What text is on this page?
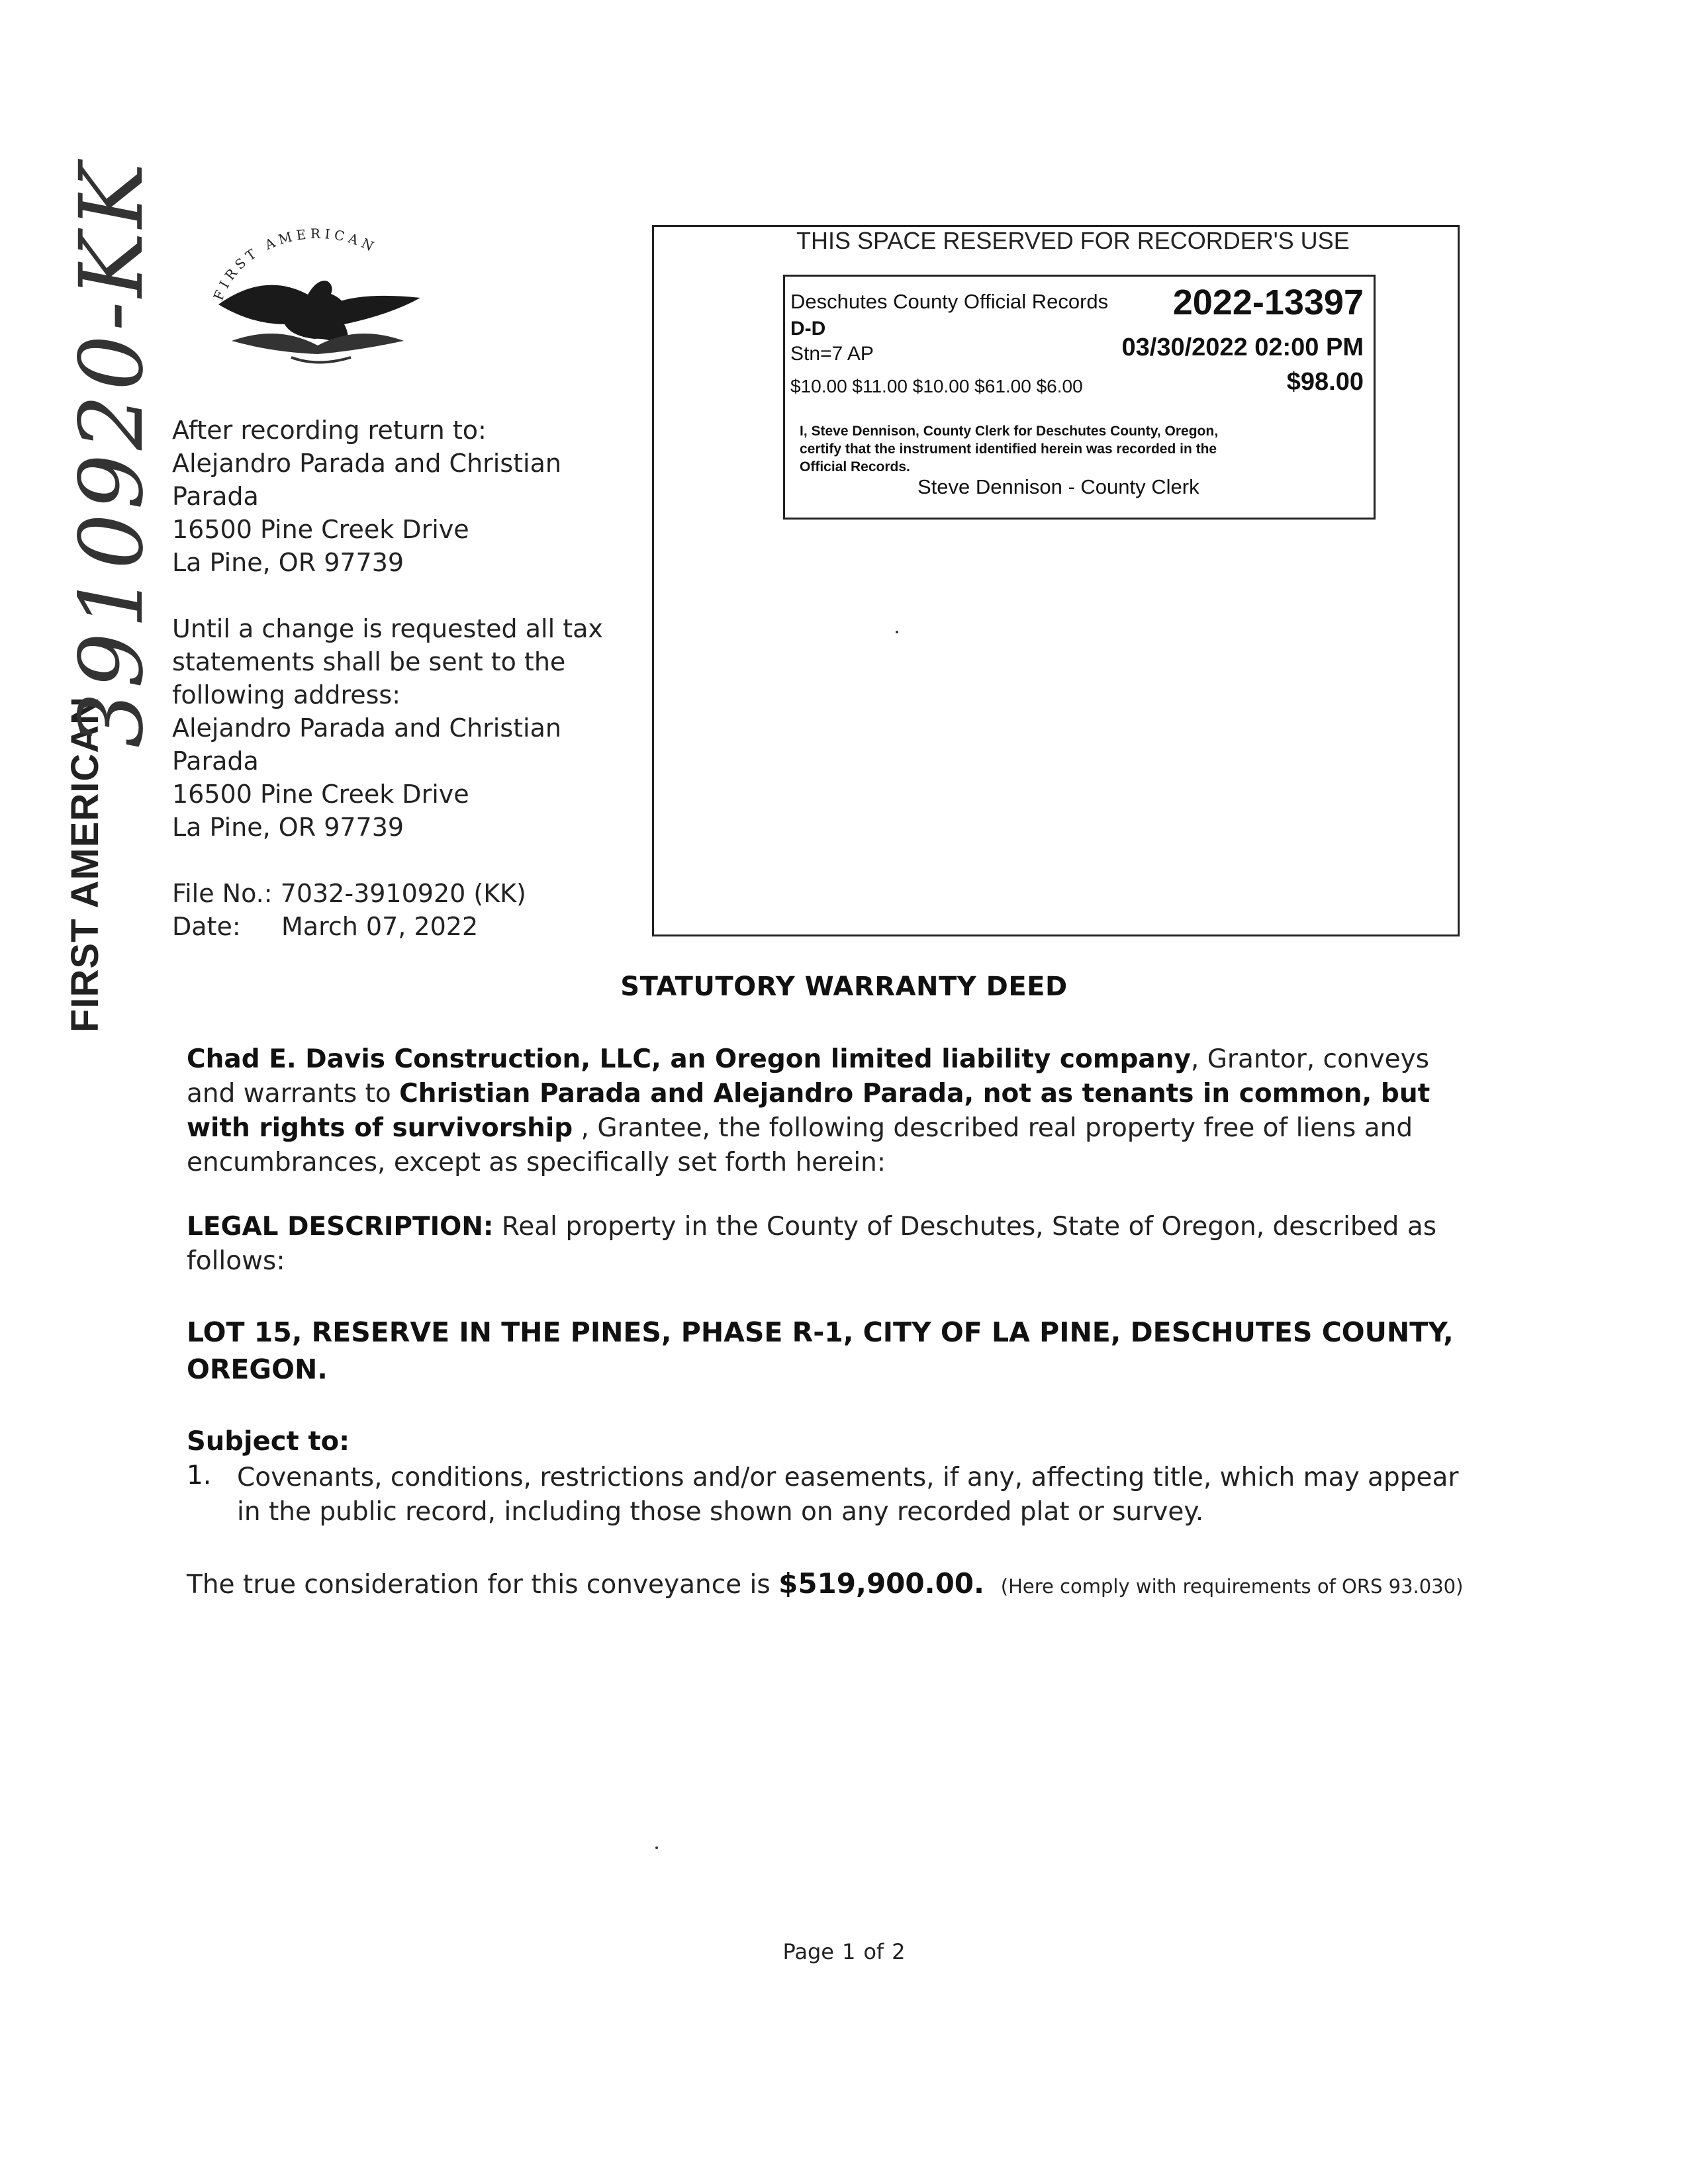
FIRST AMERICAN
3910920-KK	FIRST AMERICAN
After recording return to:
Alejandro Parada and Christian
Parada
16500 Pine Creek Drive
La Pine, OR 97739
Until a change is requested all tax
statements shall be sent to the
following address:
Alejandro Parada and Christian Parada
16500 Pine Creek Drive
La Pine, OR 97739
File No.: 7032-3910920 (KK)
Date: March 07, 2022
THIS SPACE RESERVED FOR RECORDER'S USE
Deschutes County Official Records 2022-13397
D-D
Stn=7 AP	03/30/2022 02:00 PM
$10.00 $11.00 $10.00 $61.00 $6.00	$98.00
I, Steve Dennison, County Clerk for Deschutes County, Oregon,
certify that the instrument identified herein was recorded in the
Official Records.
Steve Dennison - County Clerk
STATUTORY WARRANTY DEED
Chad E. Davis Construction, LLC, an Oregon limited liability company, Grantor, conveys and warrants to Christian Parada and Alejandro Parada, not as tenants in common, but with rights of survivorship , Grantee, the following described real property free of liens and encumbrances, except as specifically set forth herein:
LEGAL DESCRIPTION: Real property in the County of Deschutes, State of Oregon, described as follows:
LOT 15, RESERVE IN THE PINES, PHASE R-1, CITY OF LA PINE, DESCHUTES COUNTY, OREGON.
Subject to:
1. Covenants, conditions, restrictions and/or easements, if any, affecting title, which may appear in the public record, including those shown on any recorded plat or survey.
The true consideration for this conveyance is $519,900.00. (Here comply with requirements of ORS 93.030)
Page 1 of 2
